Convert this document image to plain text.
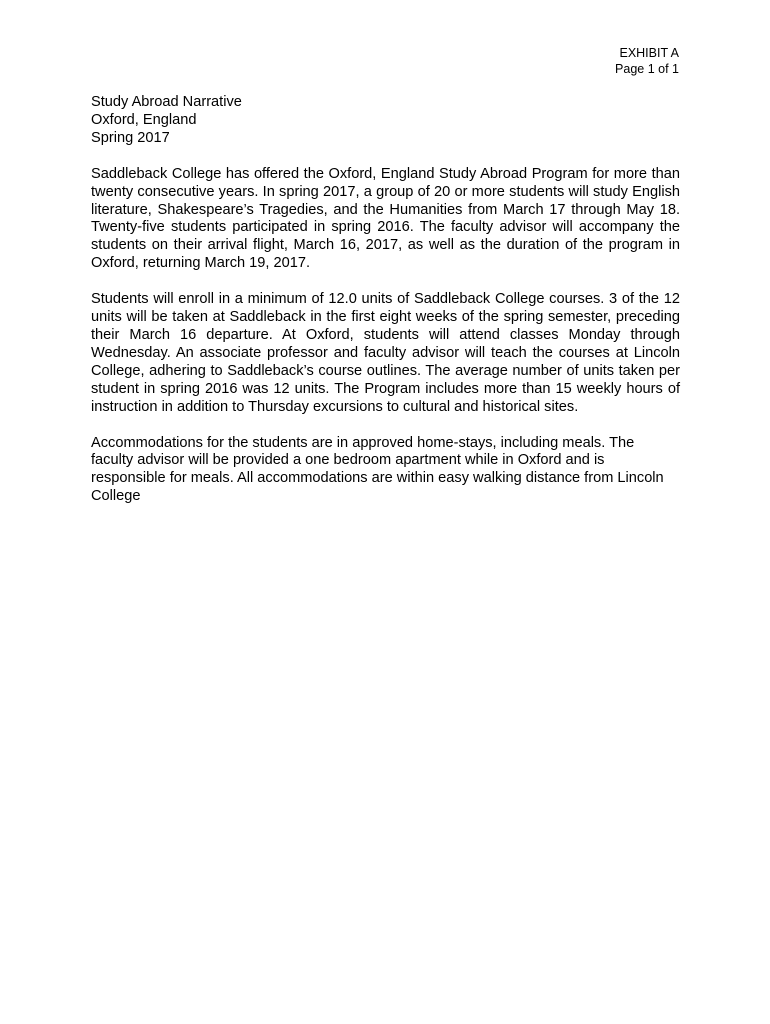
EXHIBIT A
Page 1 of 1
Study Abroad Narrative
Oxford, England
Spring 2017

Saddleback College has offered the Oxford, England Study Abroad Program for more than twenty consecutive years. In spring 2017, a group of 20 or more students will study English literature, Shakespeare’s Tragedies, and the Humanities from March 17 through May 18. Twenty-five students participated in spring 2016. The faculty advisor will accompany the students on their arrival flight, March 16, 2017, as well as the duration of the program in Oxford, returning March 19, 2017.

Students will enroll in a minimum of 12.0 units of Saddleback College courses. 3 of the 12 units will be taken at Saddleback in the first eight weeks of the spring semester, preceding their March 16 departure. At Oxford, students will attend classes Monday through Wednesday. An associate professor and faculty advisor will teach the courses at Lincoln College, adhering to Saddleback’s course outlines. The average number of units taken per student in spring 2016 was 12 units. The Program includes more than 15 weekly hours of instruction in addition to Thursday excursions to cultural and historical sites.

Accommodations for the students are in approved home-stays, including meals. The faculty advisor will be provided a one bedroom apartment while in Oxford and is responsible for meals. All accommodations are within easy walking distance from Lincoln College
